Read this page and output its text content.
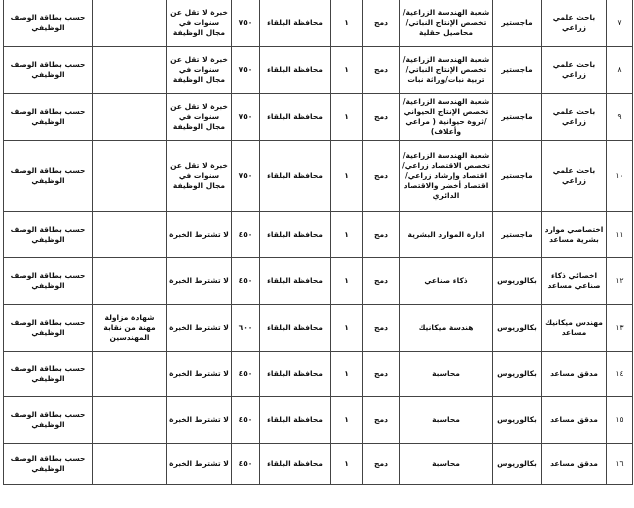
٧	باحث علمي زراعي	ماجستير	شعبة الهندسة الزراعية/ تخصص الإنتاج النباتي/ محاصيل حقلية	دمج	١	محافظة البلقاء	٧٥٠	خبرة لا تقل عن سنوات في مجال الوظيفة		حسب بطاقة الوصف الوظيفي
٨	باحث علمي زراعي	ماجستير	شعبة الهندسة الزراعية/ تخصص الإنتاج النباتي/ تربية نبات/وراثة نبات	دمج	١	محافظة البلقاء	٧٥٠	خبرة لا تقل عن سنوات في مجال الوظيفة		حسب بطاقة الوصف الوظيفي
٩	باحث علمي زراعي	ماجستير	شعبة الهندسة الزراعية/ تخصص الإنتاج الحيواني /ثروة حيوانية ( مراعي وأعلاف)	دمج	١	محافظة البلقاء	٧٥٠	خبرة لا تقل عن سنوات في مجال الوظيفة		حسب بطاقة الوصف الوظيفي
١٠	باحث علمي زراعي	ماجستير	شعبة الهندسة الزراعية/ تخصص الاقتصاد زراعي/ اقتصاد وإرشاد زراعي/ اقتصاد أخضر والاقتصاد الدائري	دمج	١	محافظة البلقاء	٧٥٠	خبرة لا تقل عن سنوات في مجال الوظيفة		حسب بطاقة الوصف الوظيفي
١١	اختصاصي موارد بشرية مساعد	ماجستير	ادارة الموارد البشرية	دمج	١	محافظة البلقاء	٤٥٠	لا تشترط الخبرة		حسب بطاقة الوصف الوظيفي
١٢	اخصائي ذكاء صناعي مساعد	بكالوريوس	ذكاء صناعي	دمج	١	محافظة البلقاء	٤٥٠	لا تشترط الخبرة		حسب بطاقة الوصف الوظيفي
١٣	مهندس ميكانيك مساعد	بكالوريوس	هندسة ميكانيك	دمج	١	محافظة البلقاء	٦٠٠	لا تشترط الخبرة	شهادة مزاولة مهنة من نقابة المهندسين	حسب بطاقة الوصف الوظيفي
١٤	مدقق مساعد	بكالوريوس	محاسبة	دمج	١	محافظة البلقاء	٤٥٠	لا تشترط الخبرة		حسب بطاقة الوصف الوظيفي
١٥	مدقق مساعد	بكالوريوس	محاسبة	دمج	١	محافظة البلقاء	٤٥٠	لا تشترط الخبرة		حسب بطاقة الوصف الوظيفي
١٦	مدقق مساعد	بكالوريوس	محاسبة	دمج	١	محافظة البلقاء	٤٥٠	لا تشترط الخبرة		حسب بطاقة الوصف الوظيفي
